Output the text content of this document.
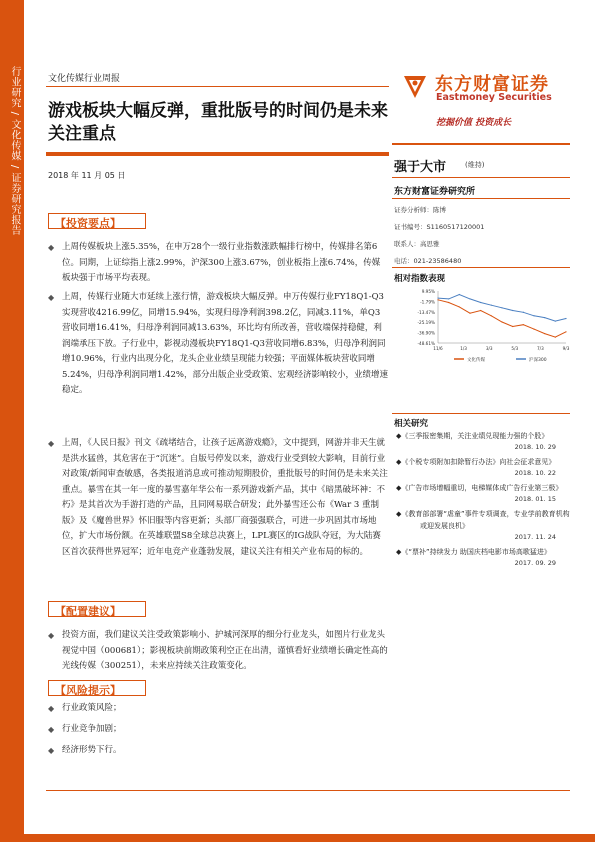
行业研究 / 文化传媒 / 证券研究报告	文化传媒行业周报	东方财富证券
Eastmoney Securities
挖掘价值 投资成长
游戏板块大幅反弹，重批版号的时间仍是未来关注重点
2018 年 11 月 05 日
【投资要点】
◆ 上周传媒板块上涨5.35%，在申万28个一级行业指数涨跌幅排行榜中，传媒排名第6位。同期，上证综指上涨2.99%，沪深300上涨3.67%，创业板指上涨6.74%，传媒板块强于市场平均表现。
◆ 上周，传媒行业随大市延续上涨行情，游戏板块大幅反弹。申万传媒行业FY18Q1-Q3实现营收4216.99亿，同增15.94%，实现归母净利润398.2亿，同减3.11%，单Q3营收同增16.41%，归母净利润同减13.63%，环比均有所改善，营收端保持稳健，利润端承压下放。子行业中，影视动漫板块FY18Q1-Q3营收同增6.83%，归母净利润同增10.96%，行业内出现分化，龙头企业业绩呈现能力较强；平面媒体板块营收同增5.24%，归母净利润同增1.42%，部分出版企业受政策、宏观经济影响较小，业绩增速稳定。
◆ 上周，《人民日报》刊文《疏堵结合，让孩子远离游戏瘾》，文中提到，网游并非天生就是洪水猛兽，其危害在于“沉迷”。自版号停发以来，游戏行业受到较大影响，目前行业对政策/新闻审查敏感，各类报道消息或可推动短期股价，重批版号的时间仍是未来关注重点。暴雪在其一年一度的暴雪嘉年华公布一系列游戏新产品，其中《暗黑破坏神：不朽》是其首次为手游打造的产品，且同网易联合研发；此外暴雪还公布《War 3 重制版》及《魔兽世界》怀旧服等内容更新；头部厂商强强联合，可进一步巩固其市场地位，扩大市场份额。在英雄联盟S8全球总决赛上，LPL赛区的IG战队夺冠，为大陆赛区首次获得世界冠军；近年电竞产业蓬勃发展，建议关注有相关产业布局的标的。
【配置建议】
◆ 投资方面，我们建议关注受政策影响小、护城河深厚的细分行业龙头，如图片行业龙头视觉中国（000681）；影视板块前期政策利空正在出清，谨慎看好业绩增长确定性高的光线传媒（300251），未来应持续关注政策变化。
【风险提示】
◆ 行业政策风险；
◆ 行业竞争加剧；
◆ 经济形势下行。
强于大市	(维持)
东方财富证券研究所
证券分析师：陈博
证书编号：S1160517120001
联系人：高思雅
电话：021-23586480
相对指数表现
9.95%
-1.79%
-13.47%
-25.19%
-36.90%
-48.61%
11/6	1/3	3/3	5/3	7/3	9/3
文化传媒	沪深300
相关研究
◆《三季报密集期，关注业绩兑现能力强的个股》
2018. 10. 29
◆《个税专项附加扣除暂行办法》向社会征求意见》
2018. 10. 22
◆《广告市场增幅重切，电梯媒体成广告行业第三极》
2018. 01. 15
◆《教育部部署“虐童”事件专项调查，专业学前教育机构或迎发展良机》
2017. 11. 24
◆《“票补”持续发力 助国庆档电影市场高歌猛进》
2017. 09. 29
